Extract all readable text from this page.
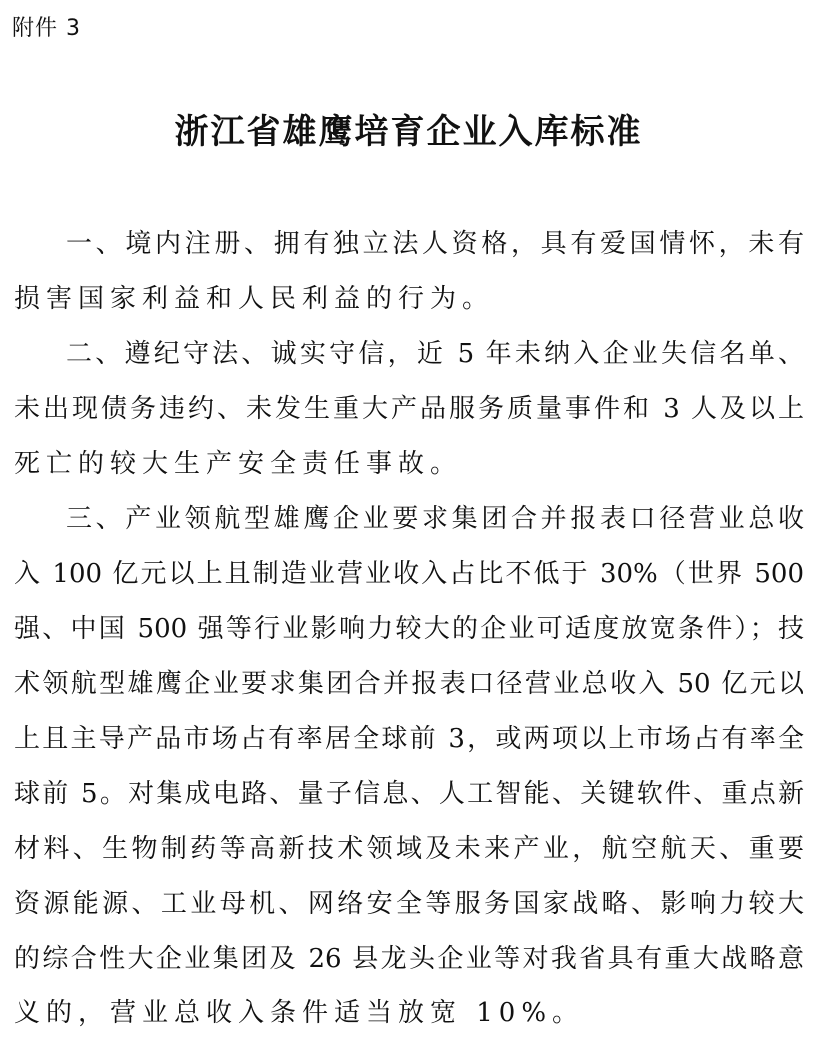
附件 3
浙江省雄鹰培育企业入库标准
一、境内注册、拥有独立法人资格，具有爱国情怀，未有
损害国家利益和人民利益的行为。
二、遵纪守法、诚实守信，近 5 年未纳入企业失信名单、
未出现债务违约、未发生重大产品服务质量事件和 3 人及以上
死亡的较大生产安全责任事故。
三、产业领航型雄鹰企业要求集团合并报表口径营业总收
入 100 亿元以上且制造业营业收入占比不低于 30%（世界 500
强、中国 500 强等行业影响力较大的企业可适度放宽条件）；技
术领航型雄鹰企业要求集团合并报表口径营业总收入 50 亿元以
上且主导产品市场占有率居全球前 3，或两项以上市场占有率全
球前 5。对集成电路、量子信息、人工智能、关键软件、重点新
材料、生物制药等高新技术领域及未来产业，航空航天、重要
资源能源、工业母机、网络安全等服务国家战略、影响力较大
的综合性大企业集团及 26 县龙头企业等对我省具有重大战略意
义的，营业总收入条件适当放宽 10%。
